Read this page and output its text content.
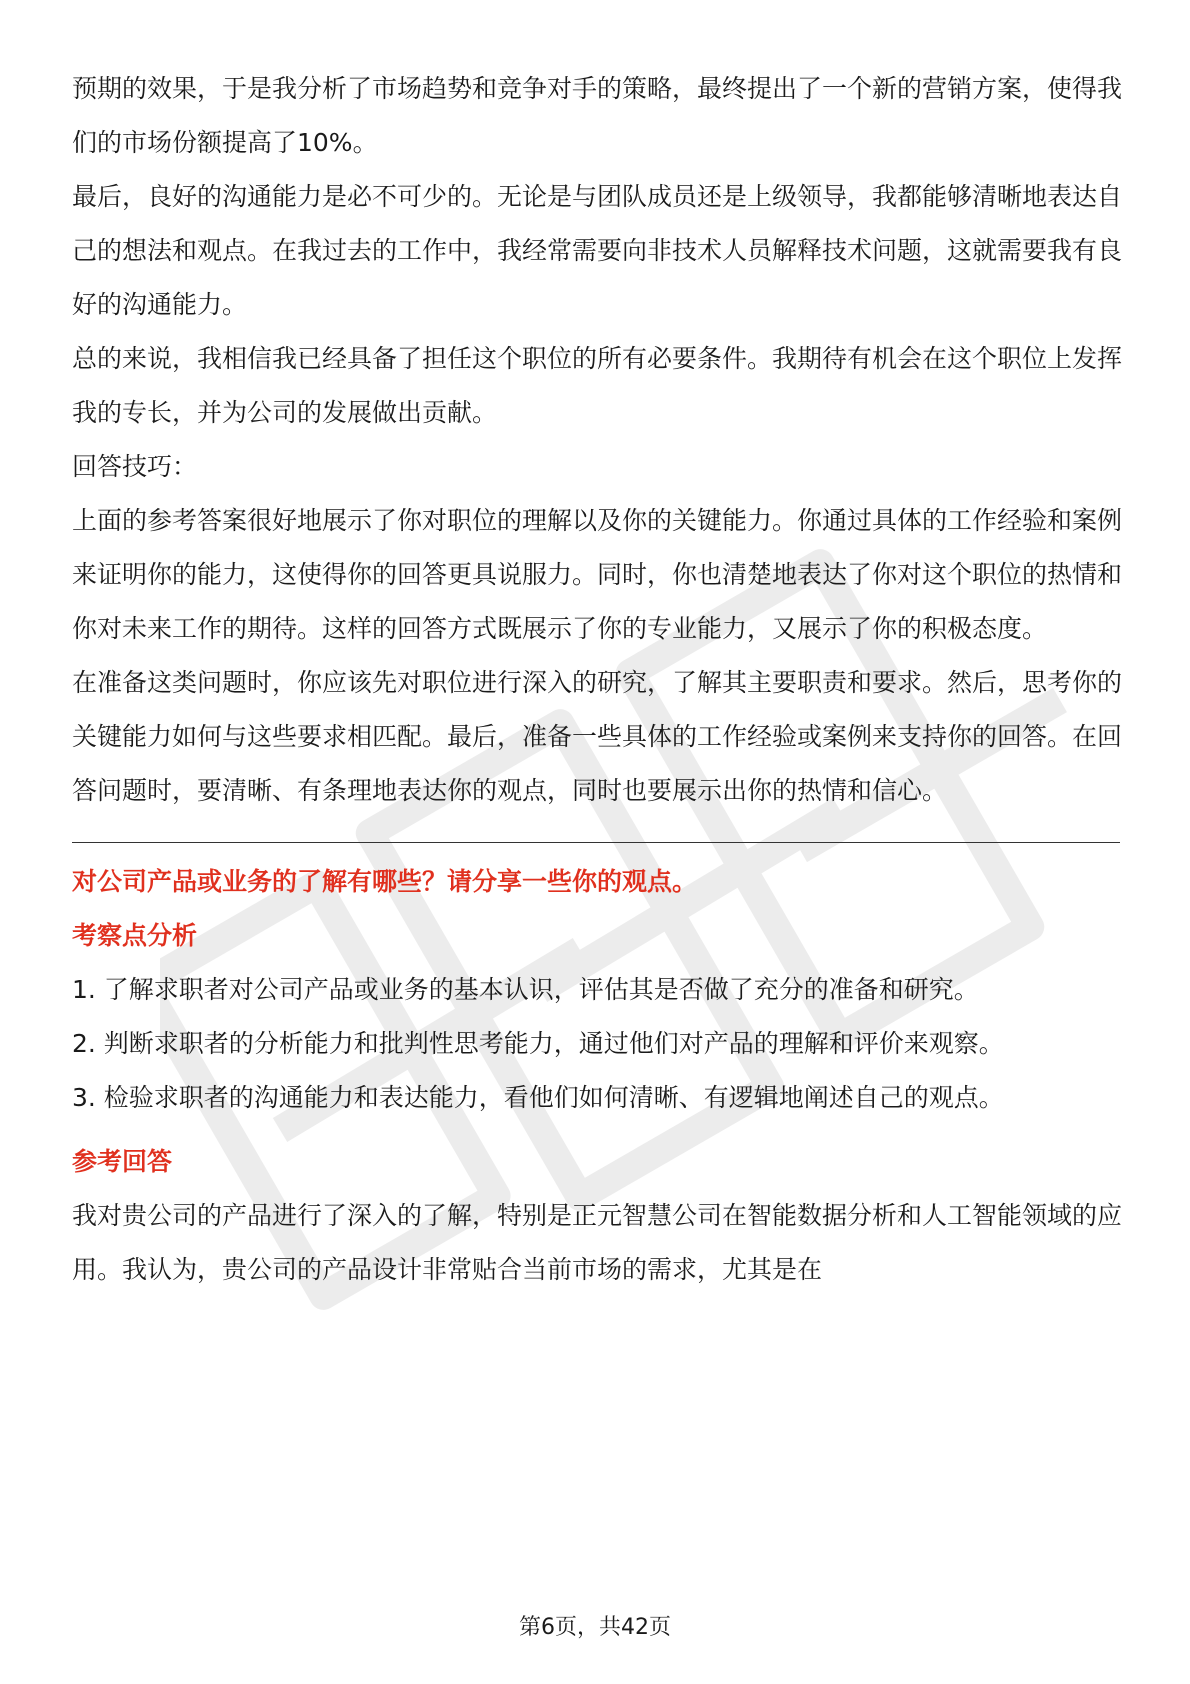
预期的效果，于是我分析了市场趋势和竞争对手的策略，最终提出了一个新的营销方案，使得我们的市场份额提高了10%。

最后，良好的沟通能力是必不可少的。无论是与团队成员还是上级领导，我都能够清晰地表达自己的想法和观点。在我过去的工作中，我经常需要向非技术人员解释技术问题，这就需要我有良好的沟通能力。

总的来说，我相信我已经具备了担任这个职位的所有必要条件。我期待有机会在这个职位上发挥我的专长，并为公司的发展做出贡献。

回答技巧：

上面的参考答案很好地展示了你对职位的理解以及你的关键能力。你通过具体的工作经验和案例来证明你的能力，这使得你的回答更具说服力。同时，你也清楚地表达了你对这个职位的热情和你对未来工作的期待。这样的回答方式既展示了你的专业能力，又展示了你的积极态度。

在准备这类问题时，你应该先对职位进行深入的研究，了解其主要职责和要求。然后，思考你的关键能力如何与这些要求相匹配。最后，准备一些具体的工作经验或案例来支持你的回答。在回答问题时，要清晰、有条理地表达你的观点，同时也要展示出你的热情和信心。

对公司产品或业务的了解有哪些？请分享一些你的观点。

考察点分析

1. 了解求职者对公司产品或业务的基本认识，评估其是否做了充分的准备和研究。

2. 判断求职者的分析能力和批判性思考能力，通过他们对产品的理解和评价来观察。

3. 检验求职者的沟通能力和表达能力，看他们如何清晰、有逻辑地阐述自己的观点。

参考回答

我对贵公司的产品进行了深入的了解，特别是正元智慧公司在智能数据分析和人工智能领域的应用。我认为，贵公司的产品设计非常贴合当前市场的需求，尤其是在

第6页，共42页
